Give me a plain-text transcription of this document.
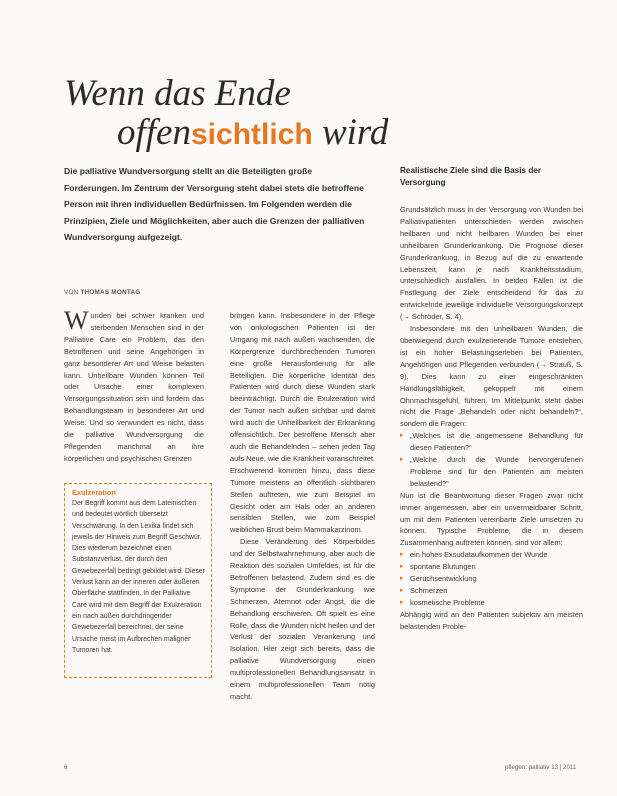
Wenn das Ende
offensichtlich wird
Die palliative Wundversorgung stellt an die Beteiligten große Forderungen. Im Zentrum der Versorgung steht dabei stets die betroffene Person mit ihren individuellen Bedürfnissen. Im Folgenden werden die Prinzipien, Ziele und Möglichkeiten, aber auch die Grenzen der palliativen Wundversorgung aufgezeigt.
VON THOMAS MONTAG

Wunden bei schwer kranken und sterbenden Menschen sind in der Palliative Care ein Problem, das den Betroffenen und seine Angehörigen in ganz besonderer Art und Weise belasten kann. Unheilbare Wunden können Teil oder Ursache einer komplexen Versorgungssituation sein und fordern das Behandlungsteam in besonderer Art und Weise. Und so verwundert es nicht, dass die palliative Wundversorgung die Pflegenden manchmal an ihre körperlichen und psychischen Grenzen

Exulzeration
Der Begriff kommt aus dem Lateinischen und bedeutet wörtlich übersetzt Verschwärung. In den Lexika findet sich jeweils der Hinweis zum Begriff Geschwür. Dies wiederum bezeichnet einen Substanzverlust, der durch den Gewebezerfall bedingt gebildet wird. Dieser Verlust kann an der inneren oder äußeren Oberfläche stattfinden. In der Palliative Care wird mit dem Begriff der Exulzeration ein nach außen durchdringender Gewebezerfall bezeichnet, der seine Ursache meist im Aufbrechen maligner Tumoren hat.

bringen kann. Insbesondere in der Pflege von onkologischen Patienten ist der Umgang mit nach außen wachsenden, die Körpergrenze durchbrechenden Tumoren eine große Herausforderung für alle Beteiligten. Die körperliche Identität des Patienten wird durch diese Wunden stark beeinträchtigt. Durch die Exulzeration wird der Tumor nach außen sichtbar und damit wird auch die Unheilbarkeit der Erkrankung offensichtlich. Der betroffene Mensch aber auch die Behandelnden – sehen jeden Tag aufs Neue, wie die Krankheit voranschreitet. Erschwerend kommen hinzu, dass diese Tumore meistens an öffentlich sichtbaren Stellen auftreten, wie zum Beispiel im Gesicht oder am Hals oder an anderen sensiblen Stellen, wie zum Beispiel weiblichen Brust beim Mammakarzinom.

Diese Veränderung des Körperbildes und der Selbstwahrnehmung, aber auch die Reaktion des sozialen Umfeldes, ist für die Betroffenen belastend. Zudem sind es die Symptome der Grunderkrankung wie Schmerzen, Atemnot oder Angst, die die Behandlung erschweren. Oft spielt es eine Rolle, dass die Wunden nicht heilen und der Verlust der sozialen Verankerung und Isolation. Hier zeigt sich bereits, dass die palliative Wundversorgung einen multiprofessionellen Behandlungsansatz in einem multiprofessionellen Team nötig macht.

Realistische Ziele sind die Basis der Versorgung

Grundsätzlich muss in der Versorgung von Wunden bei Palliativpatienten unterschieden werden zwischen heilbaren und nicht heilbaren Wunden bei einer unheilbaren Grunderkrankung. Die Prognose dieser Grunderkrankung, in Bezug auf die zu erwartende Lebenszeit, kann je nach Krankheitsstadium, unterschiedlich ausfallen. In beiden Fällen ist die Festlegung der Ziele entscheidend für das zu entwickelnde jeweilige individuelle Versorgungskonzept (→ Schröder, S. 4).

Insbesondere mit den unheilbaren Wunden, die überwiegend durch exulzerierende Tumore entstehen, ist ein hoher Belastungserleben bei Patienten, Angehörigen und Pflegenden verbunden (→ Strauß, S. 9). Dies kann zu einer eingeschränkten Handlungsfähigkeit, gekoppelt mit einem Ohnmachtsgefühl, führen. Im Mittelpunkt steht dabei nicht die Frage „Behandeln oder nicht behandeln?“, sondern die Fragen:

▸ „Welches ist die angemessene Behandlung für diesen Patienten?“
▸ „Welche durch die Wunde hervorgerufenen Probleme sind für den Patienten am meisten belastend?“

Nun ist die Beantwortung dieser Fragen zwar nicht immer angemessen, aber ein unvermeidbarer Schritt, um mit dem Patienten vereinbarte Ziele umsetzen zu können. Typische Probleme, die in diesem Zusammenhang auftreten können, sind vor allem:

▸ ein hohes Exsudataufkommen der Wunde
▸ spontane Blutungen
▸ Geruchsentwicklung
▸ Schmerzen
▸ kosmetische Probleme

Abhängig wird an den Patienten subjektiv am meisten belastenden Proble-

6	pflegen: palliativ 13 | 2011
